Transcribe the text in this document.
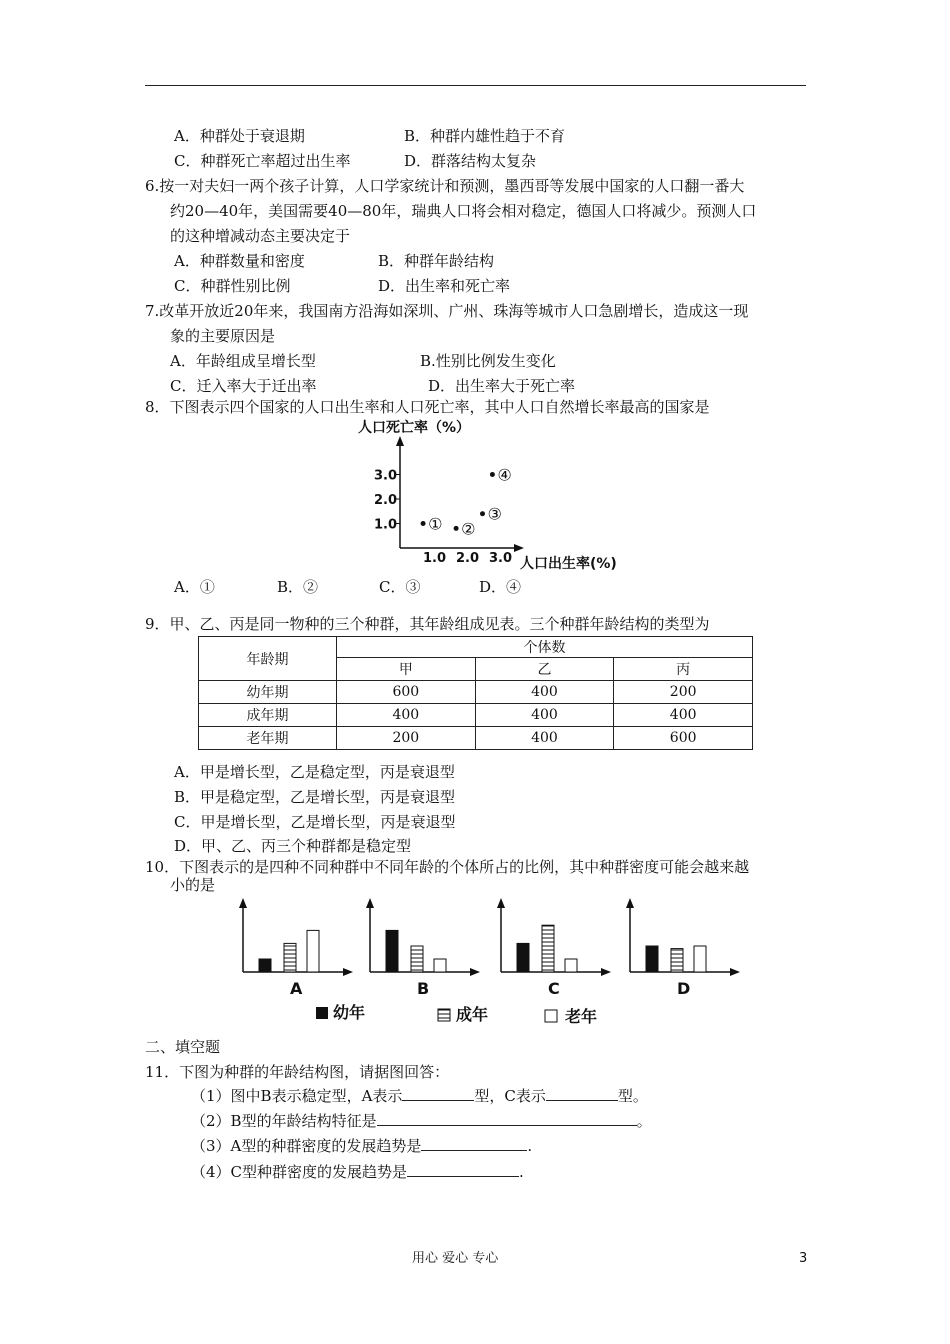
A．种群处于衰退期	B．种群内雄性趋于不育
C．种群死亡率超过出生率	D．群落结构太复杂
6.按一对夫妇一两个孩子计算，人口学家统计和预测，墨西哥等发展中国家的人口翻一番大
约20—40年，美国需要40—80年，瑞典人口将会相对稳定，德国人口将减少。预测人口
的这种增减动态主要决定于
A．种群数量和密度	B．种群年龄结构
C．种群性别比例	D．出生率和死亡率
7.改革开放近20年来，我国南方沿海如深圳、广州、珠海等城市人口急剧增长，造成这一现
象的主要原因是
A．年龄组成呈增长型	B.性别比例发生变化
C．迁入率大于迁出率	D．出生率大于死亡率
8．下图表示四个国家的人口出生率和人口死亡率，其中人口自然增长率最高的国家是
人口死亡率（%）
人口出生率(%)
1.0 2.0 3.0
1.0
2.0
3.0
① ②
③
④
A．①	B．②	C．③	D．④
9．甲、乙、丙是同一物种的三个种群，其年龄组成见表。三个种群年龄结构的类型为
年龄期	个体数		
	甲	乙	丙
幼年期	600	400	200
成年期	400	400	400
老年期	200	400	600
A．甲是增长型，乙是稳定型，丙是衰退型
B．甲是稳定型，乙是增长型，丙是衰退型
C．甲是增长型，乙是增长型，丙是衰退型
D．甲、乙、丙三个种群都是稳定型
10．下图表示的是四种不同种群中不同年龄的个体所占的比例，其中种群密度可能会越来越
小的是
A	B	C	D
幼年	成年	老年
二、填空题
11．下图为种群的年龄结构图，请据图回答：
（1）图中B表示稳定型，A表示	型，C表示	型。
（2）B型的年龄结构特征是	。
（3）A型的种群密度的发展趋势是	.
（4）C型种群密度的发展趋势是	.
用心 爱心 专心	3
